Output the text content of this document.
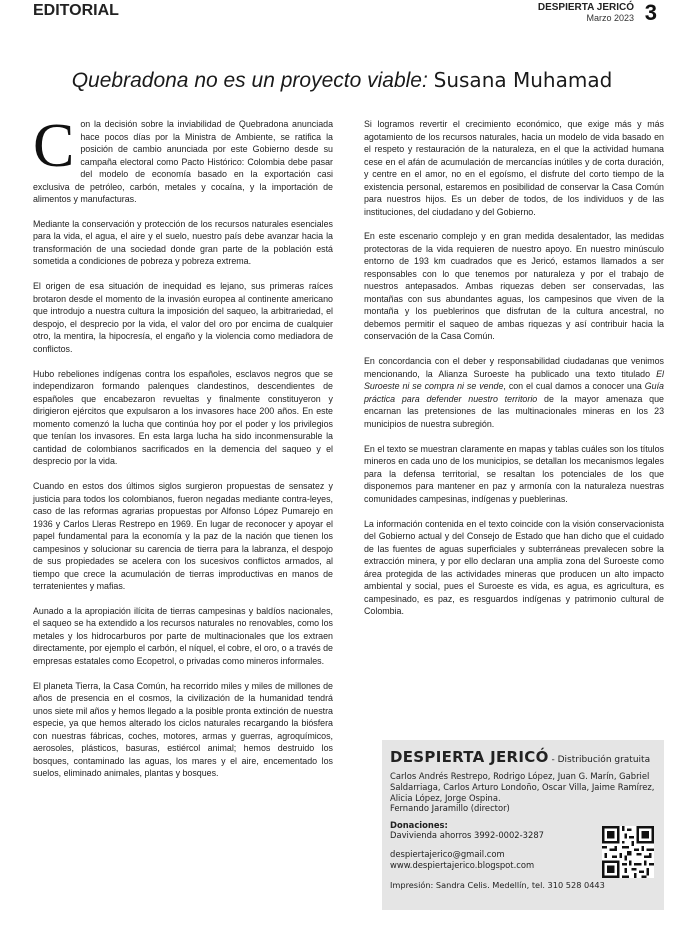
EDITORIAL	DESPIERTA JERICÓ
Marzo 2023 3
Quebradona no es un proyecto viable: Susana Muhamad

Con la decisión sobre la inviabilidad de Quebradona anunciada hace pocos días por la Ministra de Ambiente, se ratifica la posición de cambio anunciada por este Gobierno desde su campaña electoral como Pacto Histórico: Colombia debe pasar del modelo de economía basado en la exportación casi exclusiva de petróleo, carbón, metales y cocaína, y la importación de alimentos y manufacturas.

Mediante la conservación y protección de los recursos naturales esenciales para la vida, el agua, el aire y el suelo, nuestro país debe avanzar hacia la transformación de una sociedad donde gran parte de la población está sometida a condiciones de pobreza y pobreza extrema.

El origen de esa situación de inequidad es lejano, sus primeras raíces brotaron desde el momento de la invasión europea al continente americano que introdujo a nuestra cultura la imposición del saqueo, la arbitrariedad, el despojo, el desprecio por la vida, el valor del oro por encima de cualquier otro, la mentira, la hipocresía, el engaño y la violencia como mediadora de conflictos.

Hubo rebeliones indígenas contra los españoles, esclavos negros que se independizaron formando palenques clandestinos, descendientes de españoles que encabezaron revueltas y finalmente constituyeron y dirigieron ejércitos que expulsaron a los invasores hace 200 años. En este momento comenzó la lucha que continúa hoy por el poder y los privilegios que tenían los invasores. En esta larga lucha ha sido inconmensurable la cantidad de colombianos sacrificados en la demencia del saqueo y el desprecio por la vida.

Cuando en estos dos últimos siglos surgieron propuestas de sensatez y justicia para todos los colombianos, fueron negadas mediante contra-leyes, caso de las reformas agrarias propuestas por Alfonso López Pumarejo en 1936 y Carlos Lleras Restrepo en 1969. En lugar de reconocer y apoyar el papel fundamental para la economía y la paz de la nación que tienen los campesinos y solucionar su carencia de tierra para la labranza, el despojo de sus propiedades se acelera con los sucesivos conflictos armados, al tiempo que crece la acumulación de tierras improductivas en manos de terratenientes y mafias.

Aunado a la apropiación ilícita de tierras campesinas y baldíos nacionales, el saqueo se ha extendido a los recursos naturales no renovables, como los metales y los hidrocarburos por parte de multinacionales que los extraen directamente, por ejemplo el carbón, el níquel, el cobre, el oro, o a través de empresas estatales como Ecopetrol, o privadas como mineros informales.

El planeta Tierra, la Casa Común, ha recorrido miles y miles de millones de años de presencia en el cosmos, la civilización de la humanidad tendrá unos siete mil años y hemos llegado a la posible pronta extinción de nuestra especie, ya que hemos alterado los ciclos naturales recargando la biósfera con nuestras fábricas, coches, motores, armas y guerras, agroquímicos, aerosoles, plásticos, basuras, estiércol animal; hemos destruido los bosques, contaminado las aguas, los mares y el aire, encementado los suelos, eliminado animales, plantas y bosques.

Si logramos revertir el crecimiento económico, que exige más y más agotamiento de los recursos naturales, hacia un modelo de vida basado en el respeto y restauración de la naturaleza, en el que la actividad humana cese en el afán de acumulación de mercancías inútiles y de corta duración, y centre en el amor, no en el egoísmo, el disfrute del corto tiempo de la existencia personal, estaremos en posibilidad de conservar la Casa Común para nuestros hijos. Es un deber de todos, de los individuos y de las instituciones, del ciudadano y del Gobierno.

En este escenario complejo y en gran medida desalentador, las medidas protectoras de la vida requieren de nuestro apoyo. En nuestro minúsculo entorno de 193 km cuadrados que es Jericó, estamos llamados a ser responsables con lo que tenemos por naturaleza y por el trabajo de nuestros antepasados. Ambas riquezas deben ser conservadas, las montañas con sus abundantes aguas, los campesinos que viven de la montaña y los pueblerinos que disfrutan de la cultura ancestral, no debemos permitir el saqueo de ambas riquezas y así contribuir hacia la conservación de la Casa Común.

En concordancia con el deber y responsabilidad ciudadanas que venimos mencionando, la Alianza Suroeste ha publicado una texto titulado El Suroeste ni se compra ni se vende, con el cual damos a conocer una Guía práctica para defender nuestro territorio de la mayor amenaza que encarnan las pretensiones de las multinacionales mineras en los 23 municipios de nuestra subregión.

En el texto se muestran claramente en mapas y tablas cuáles son los títulos mineros en cada uno de los municipios, se detallan los mecanismos legales para la defensa territorial, se resaltan los potenciales de los que disponemos para mantener en paz y armonía con la naturaleza nuestras comunidades campesinas, indígenas y pueblerinas.

La información contenida en el texto coincide con la visión conservacionista del Gobierno actual y del Consejo de Estado que han dicho que el cuidado de las fuentes de aguas superficiales y subterráneas prevalecen sobre la extracción minera, y por ello declaran una amplia zona del Suroeste como área protegida de las actividades mineras que producen un alto impacto ambiental y social, pues el Suroeste es vida, es agua, es agricultura, es campesinado, es paz, es resguardos indígenas y patrimonio cultural de Colombia.

DESPIERTA JERICÓ - Distribución gratuita
Carlos Andrés Restrepo, Rodrigo López, Juan G. Marín, Gabriel Saldarriaga, Carlos Arturo Londoño, Oscar Villa, Jaime Ramírez, Alicia López, Jorge Ospina.
Fernando Jaramillo (director)
Donaciones:
Davivienda ahorros 3992-0002-3287
despiertajerico@gmail.com
www.despiertajerico.blogspot.com
Impresión: Sandra Celis. Medellín, tel. 310 528 0443
